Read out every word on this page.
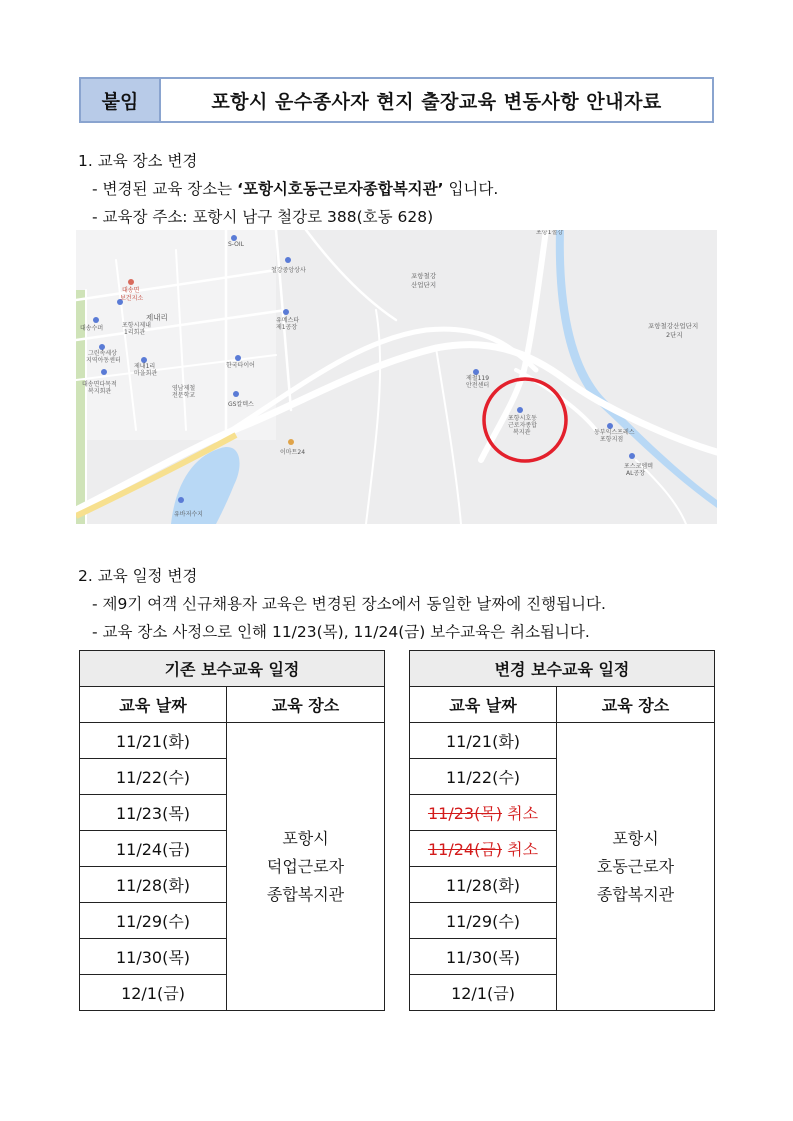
붙임	포항시 운수종사자 현지 출장교육 변동사항 안내자료
1. 교육 장소 변경
- 변경된 교육 장소는 ‘포항시호동근로자종합복지관’ 입니다.
- 교육장 주소: 포항시 남구 철강로 388(호동 628)
S-OIL
철강중앙상사
포항철강
산업단지
포항철강산업단지
2단지
대송면
보건지소
제내리
포항시제내
1리회관
대송수퍼
그린속세상
지역아동센터
대송면다목적
복지회관
제내1리
마을회관
유메스타
제1공장
한국타이어
영남제철
전문학교
GS칼텍스
이마트24
제철119
안전센터
포항시호동
근로자종합
복지관	동부익스프레스
포항지점
포스코엠텍
AL공장
유바저수지
포항1철강
2. 교육 일정 변경
- 제9기 여객 신규채용자 교육은 변경된 장소에서 동일한 날짜에 진행됩니다.
- 교육 장소 사정으로 인해 11/23(목), 11/24(금) 보수교육은 취소됩니다.
기존 보수교육 일정	
교육 날짜	교육 장소
11/21(화)	포항시
덕업근로자
종합복지관

11/22(수)	
11/23(목)	
11/24(금)	
11/28(화)	
11/29(수)	
11/30(목)	
12/1(금)	
변경 보수교육 일정	
교육 날짜	교육 장소
11/21(화)	포항시
호동근로자
종합복지관

11/22(수)	
11/23(목) 취소	
11/24(금) 취소	
11/28(화)	
11/29(수)	
11/30(목)	
12/1(금)	
